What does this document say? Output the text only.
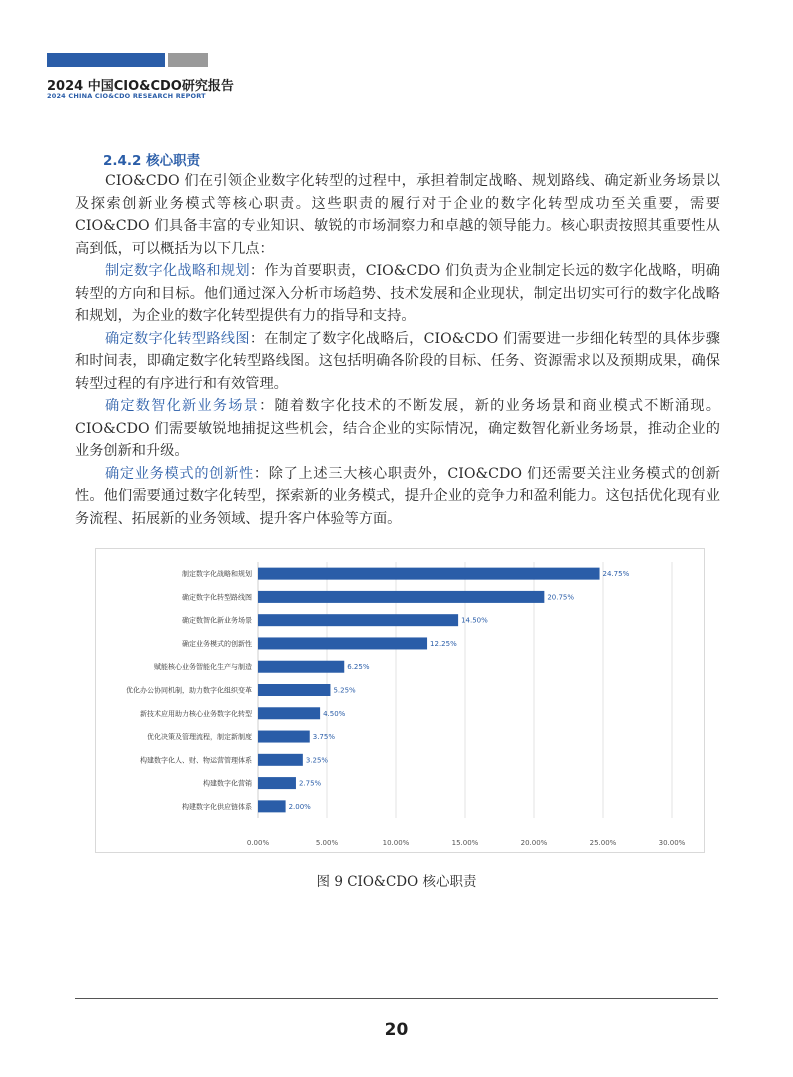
2024 中国CIO&CDO研究报告
2024 CHINA CIO&CDO RESEARCH REPORT
2.4.2 核心职责

CIO&CDO 们在引领企业数字化转型的过程中，承担着制定战略、规划路线、确定新业务场景以及探索创新业务模式等核心职责。这些职责的履行对于企业的数字化转型成功至关重要，需要CIO&CDO 们具备丰富的专业知识、敏锐的市场洞察力和卓越的领导能力。核心职责按照其重要性从高到低，可以概括为以下几点：

制定数字化战略和规划：作为首要职责，CIO&CDO 们负责为企业制定长远的数字化战略，明确转型的方向和目标。他们通过深入分析市场趋势、技术发展和企业现状，制定出切实可行的数字化战略和规划，为企业的数字化转型提供有力的指导和支持。

确定数字化转型路线图：在制定了数字化战略后，CIO&CDO 们需要进一步细化转型的具体步骤和时间表，即确定数字化转型路线图。这包括明确各阶段的目标、任务、资源需求以及预期成果，确保转型过程的有序进行和有效管理。

确定数智化新业务场景：随着数字化技术的不断发展，新的业务场景和商业模式不断涌现。CIO&CDO 们需要敏锐地捕捉这些机会，结合企业的实际情况，确定数智化新业务场景，推动企业的业务创新和升级。

确定业务模式的创新性：除了上述三大核心职责外，CIO&CDO 们还需要关注业务模式的创新性。他们需要通过数字化转型，探索新的业务模式，提升企业的竞争力和盈利能力。这包括优化现有业务流程、拓展新的业务领域、提升客户体验等方面。

0.00%	5.00%	10.00%	15.00%	20.00%	25.00%	30.00%
制定数字化战略和规划	24.75%
确定数字化转型路线图	20.75%
确定数智化新业务场景	14.50%
确定业务模式的创新性	12.25%
赋能核心业务智能化生产与制造	6.25%
优化办公协同机制，助力数字化组织变革	5.25%
新技术应用助力核心业务数字化转型	4.50%
优化决策及管理流程，制定新制度	3.75%
构建数字化人、财、物运营管理体系	3.25%
构建数字化营销	2.75%
构建数字化供应链体系	2.00%
图 9 CIO&CDO 核心职责
20
